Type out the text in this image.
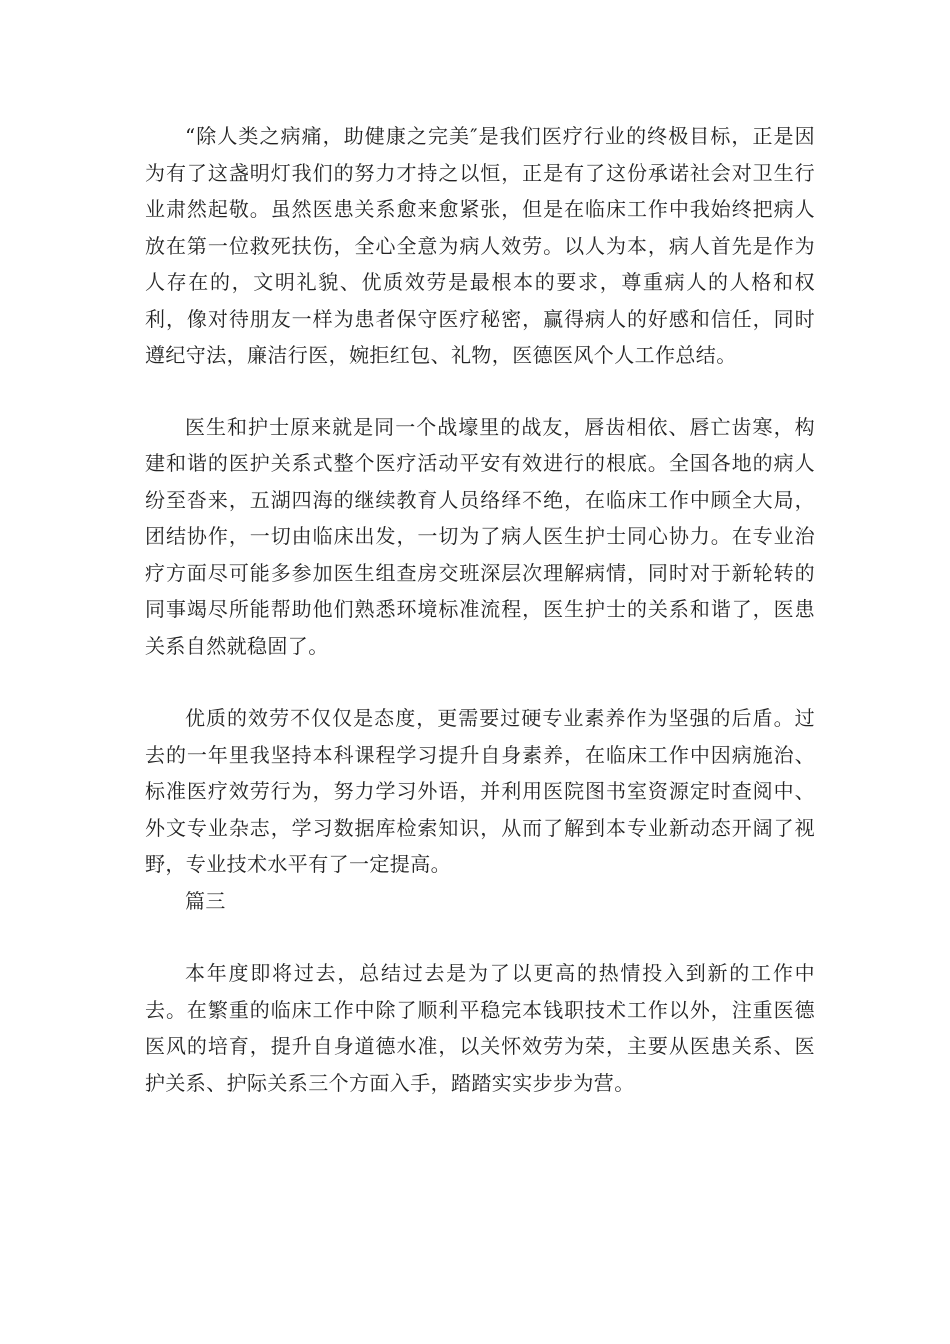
“除人类之病痛，助健康之完美″是我们医疗行业的终极目标，正是因为有了这盏明灯我们的努力才持之以恒，正是有了这份承诺社会对卫生行业肃然起敬。虽然医患关系愈来愈紧张，但是在临床工作中我始终把病人放在第一位救死扶伤，全心全意为病人效劳。以人为本，病人首先是作为人存在的，文明礼貌、优质效劳是最根本的要求，尊重病人的人格和权利，像对待朋友一样为患者保守医疗秘密，赢得病人的好感和信任，同时遵纪守法，廉洁行医，婉拒红包、礼物，医德医风个人工作总结。

医生和护士原来就是同一个战壕里的战友，唇齿相依、唇亡齿寒，构建和谐的医护关系式整个医疗活动平安有效进行的根底。全国各地的病人纷至沓来，五湖四海的继续教育人员络绎不绝，在临床工作中顾全大局，团结协作，一切由临床出发，一切为了病人医生护士同心协力。在专业治疗方面尽可能多参加医生组查房交班深层次理解病情，同时对于新轮转的同事竭尽所能帮助他们熟悉环境标准流程，医生护士的关系和谐了，医患关系自然就稳固了。

优质的效劳不仅仅是态度，更需要过硬专业素养作为坚强的后盾。过去的一年里我坚持本科课程学习提升自身素养，在临床工作中因病施治、标准医疗效劳行为，努力学习外语，并利用医院图书室资源定时查阅中、外文专业杂志，学习数据库检索知识，从而了解到本专业新动态开阔了视野，专业技术水平有了一定提高。

篇三

本年度即将过去，总结过去是为了以更高的热情投入到新的工作中去。在繁重的临床工作中除了顺利平稳完本钱职技术工作以外，注重医德医风的培育，提升自身道德水准，以关怀效劳为荣，主要从医患关系、医护关系、护际关系三个方面入手，踏踏实实步步为营。
